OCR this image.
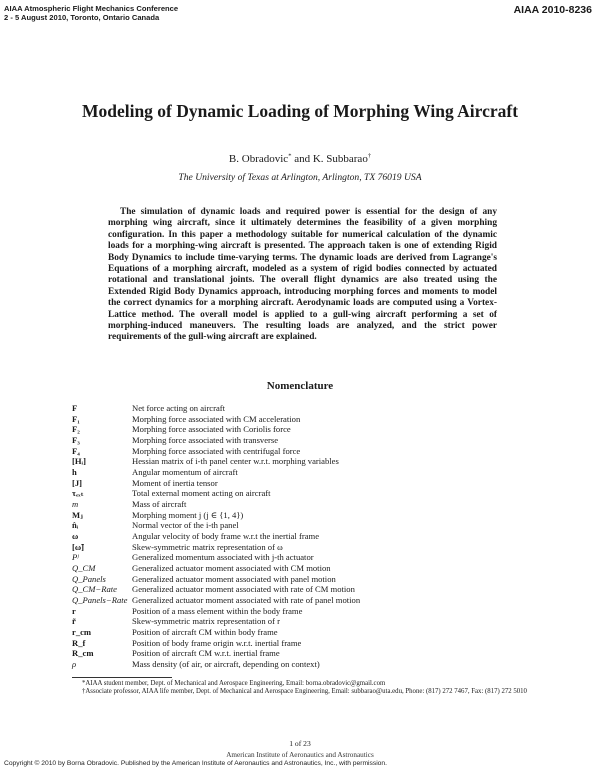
AIAA Atmospheric Flight Mechanics Conference
2 - 5 August 2010, Toronto, Ontario Canada
AIAA 2010-8236
Modeling of Dynamic Loading of Morphing Wing Aircraft
B. Obradovic* and K. Subbarao†
The University of Texas at Arlington, Arlington, TX 76019 USA

The simulation of dynamic loads and required power is essential for the design of any morphing wing aircraft, since it ultimately determines the feasibility of a given morphing configuration. In this paper a methodology suitable for numerical calculation of the dynamic loads for a morphing-wing aircraft is presented. The approach taken is one of extending Rigid Body Dynamics to include time-varying terms. The dynamic loads are derived from Lagrange's Equations of a morphing aircraft, modeled as a system of rigid bodies connected by actuated rotational and translational joints. The overall flight dynamics are also treated using the Extended Rigid Body Dynamics approach, introducing morphing forces and moments to model the correct dynamics for a morphing aircraft. Aerodynamic loads are computed using a Vortex-Lattice method. The overall model is applied to a gull-wing aircraft performing a set of morphing-induced maneuvers. The resulting loads are analyzed, and the strict power requirements of the gull-wing aircraft are explained.

Nomenclature
F	Net force acting on aircraft
F₁	Morphing force associated with CM acceleration
F₂	Morphing force associated with Coriolis force
F₃	Morphing force associated with transverse
F₄	Morphing force associated with centrifugal force
[Hᵢ]	Hessian matrix of i-th panel center w.r.t. morphing variables
h	Angular momentum of aircraft
[J]	Moment of inertia tensor
τₑₓₜ	Total external moment acting on aircraft
m	Mass of aircraft
Mⱼ	Morphing moment j (j ∈ {1, 4})
n̂ᵢ	Normal vector of the i-th panel
ω	Angular velocity of body frame w.r.t the inertial frame
[ω̃]	Skew-symmetric matrix representation of ω
Pʲ	Generalized momentum associated with j-th actuator
Q_CM	Generalized actuator moment associated with CM motion
Q_Panels	Generalized actuator moment associated with panel motion
Q_CM−Rate	Generalized actuator moment associated with rate of CM motion
Q_Panels−Rate Generalized actuator moment associated with rate of panel motion
r	Position of a mass element within the body frame
r̃	Skew-symmetric matrix representation of r
r_cm	Position of aircraft CM within body frame
R_f	Position of body frame origin w.r.t. inertial frame
R_cm	Position of aircraft CM w.r.t. inertial frame
ρ	Mass density (of air, or aircraft, depending on context)

*AIAA student member, Dept. of Mechanical and Aerospace Engineering, Email: borna.obradovic@gmail.com

†Associate professor, AIAA life member, Dept. of Mechanical and Aerospace Engineering, Email: subbarao@uta.edu, Phone: (817) 272 7467, Fax: (817) 272 5010

1 of 23
American Institute of Aeronautics and Astronautics
Copyright © 2010 by Borna Obradovic. Published by the American Institute of Aeronautics and Astronautics, Inc., with permission.
